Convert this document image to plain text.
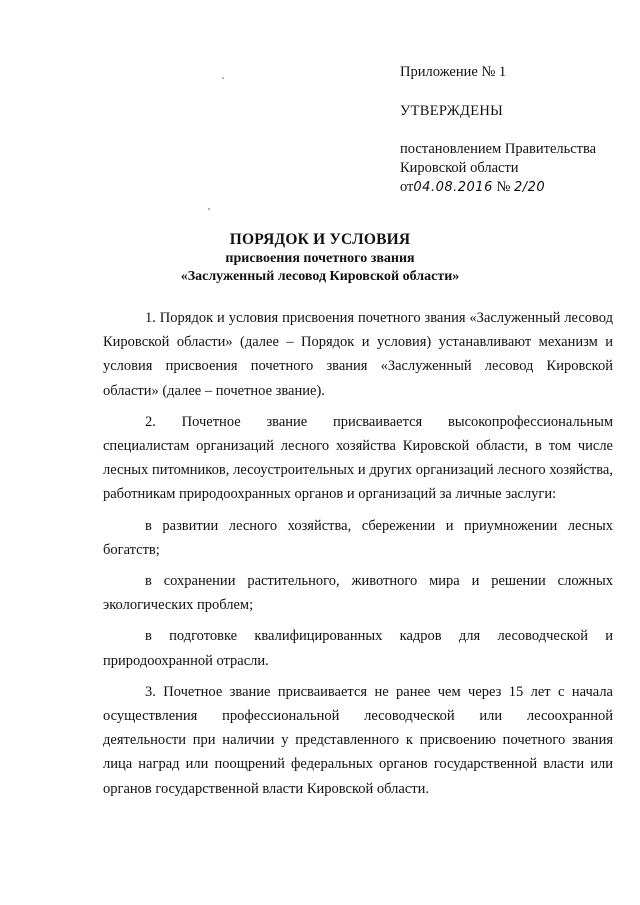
Приложение № 1
УТВЕРЖДЕНЫ
постановлением Правительства
Кировской области
от04.08.2016 № 2/20
ПОРЯДОК И УСЛОВИЯ
присвоения почетного звания
«Заслуженный лесовод Кировской области»

1. Порядок и условия присвоения почетного звания «Заслуженный лесовод Кировской области» (далее – Порядок и условия) устанавливают механизм и условия присвоения почетного звания «Заслуженный лесовод Кировской области» (далее – почетное звание).

2. Почетное звание присваивается высокопрофессиональным специалистам организаций лесного хозяйства Кировской области, в том числе лесных питомников, лесоустроительных и других организаций лесного хозяйства, работникам природоохранных органов и организаций за личные заслуги:

в развитии лесного хозяйства, сбережении и приумножении лесных богатств;

в сохранении растительного, животного мира и решении сложных экологических проблем;

в подготовке квалифицированных кадров для лесоводческой и природоохранной отрасли.

3. Почетное звание присваивается не ранее чем через 15 лет с начала осуществления профессиональной лесоводческой или лесоохранной деятельности при наличии у представленного к присвоению почетного звания лица наград или поощрений федеральных органов государственной власти или органов государственной власти Кировской области.
